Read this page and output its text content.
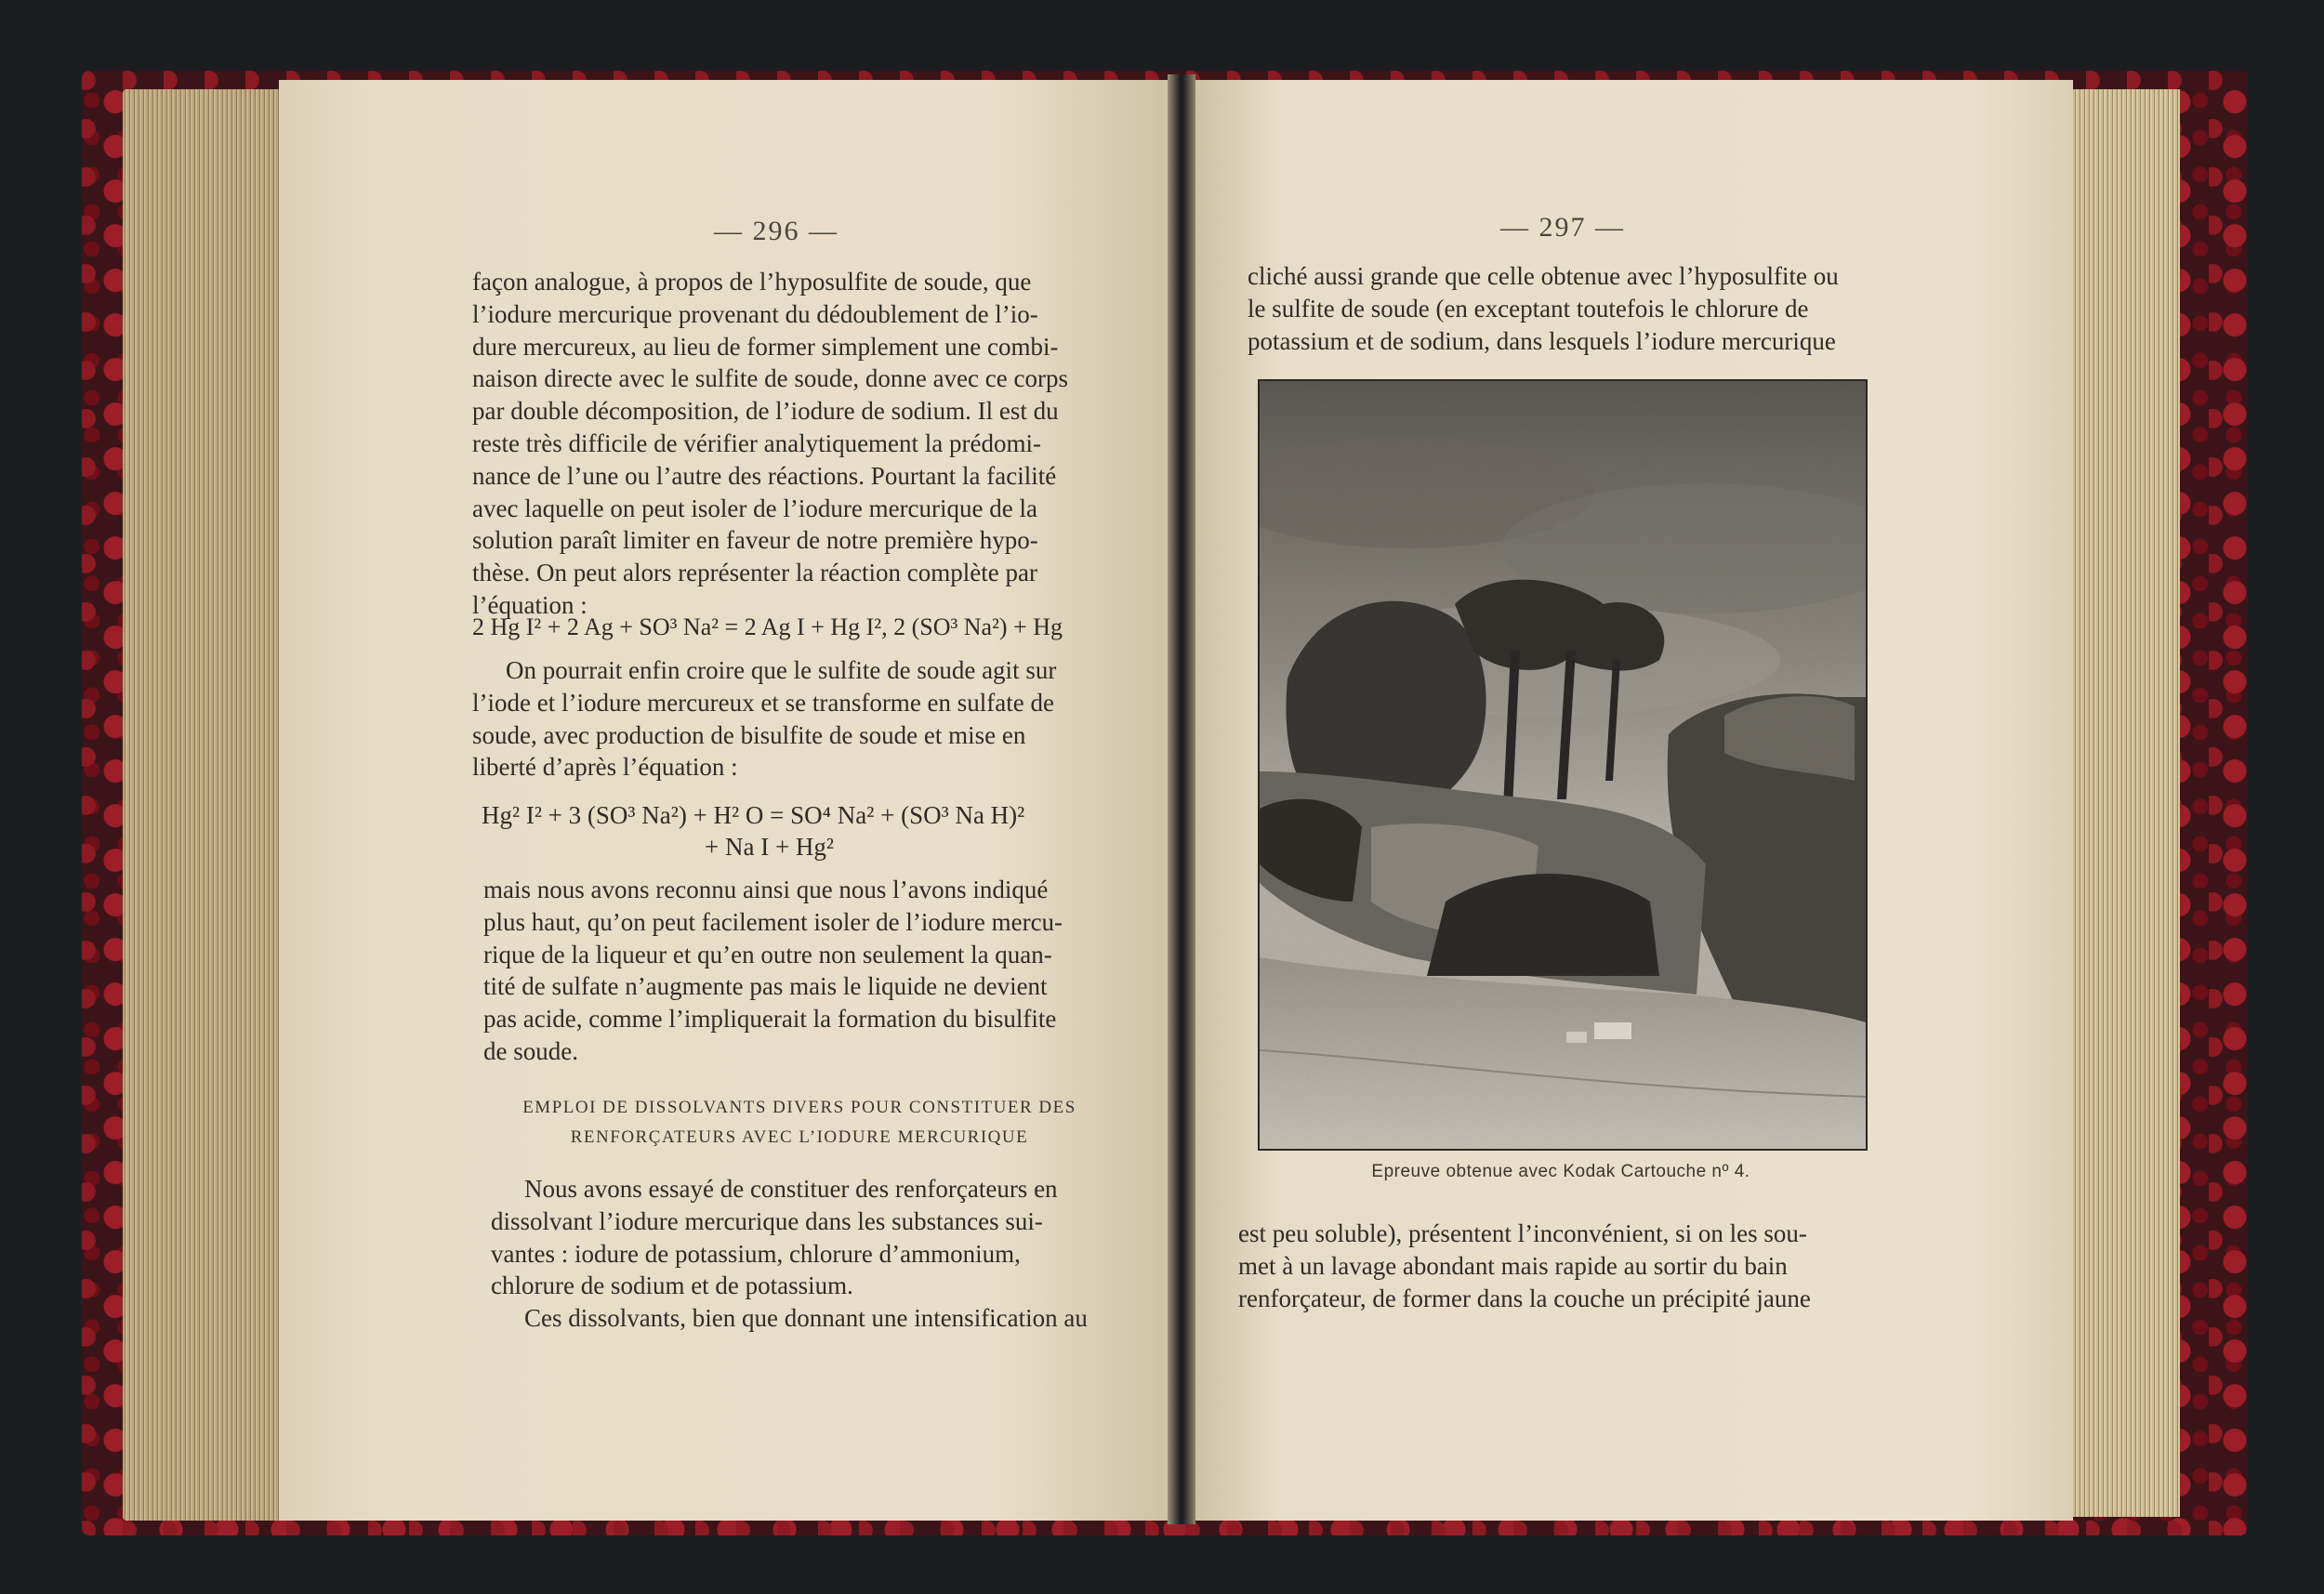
— 296 —

façon analogue, à propos de l’hyposulfite de soude, que

l’iodure mercurique provenant du dédoublement de l’io-

dure mercureux, au lieu de former simplement une combi-

naison directe avec le sulfite de soude, donne avec ce corps

par double décomposition, de l’iodure de sodium. Il est du

reste très difficile de vérifier analytiquement la prédomi-

nance de l’une ou l’autre des réactions. Pourtant la facilité

avec laquelle on peut isoler de l’iodure mercurique de la

solution paraît limiter en faveur de notre première hypo-

thèse. On peut alors représenter la réaction complète par

l’équation :

2 Hg I² + 2 Ag + SO³ Na² = 2 Ag I + Hg I², 2 (SO³ Na²) + Hg

On pourrait enfin croire que le sulfite de soude agit sur

l’iode et l’iodure mercureux et se transforme en sulfate de

soude, avec production de bisulfite de soude et mise en

liberté d’après l’équation :

Hg² I² + 3 (SO³ Na²) + H² O = SO⁴ Na² + (SO³ Na H)²
+ Na I + Hg²

mais nous avons reconnu ainsi que nous l’avons indiqué

plus haut, qu’on peut facilement isoler de l’iodure mercu-

rique de la liqueur et qu’en outre non seulement la quan-

tité de sulfate n’augmente pas mais le liquide ne devient

pas acide, comme l’impliquerait la formation du bisulfite

de soude.

EMPLOI DE DISSOLVANTS DIVERS POUR CONSTITUER DES
RENFORÇATEURS AVEC L’IODURE MERCURIQUE

Nous avons essayé de constituer des renforçateurs en

dissolvant l’iodure mercurique dans les substances sui-

vantes : iodure de potassium, chlorure d’ammonium,

chlorure de sodium et de potassium.

Ces dissolvants, bien que donnant une intensification au

— 297 —

cliché aussi grande que celle obtenue avec l’hyposulfite ou

le sulfite de soude (en exceptant toutefois le chlorure de

potassium et de sodium, dans lesquels l’iodure mercurique

Epreuve obtenue avec Kodak Cartouche nº 4.

est peu soluble), présentent l’inconvénient, si on les sou-

met à un lavage abondant mais rapide au sortir du bain

renforçateur, de former dans la couche un précipité jaune
